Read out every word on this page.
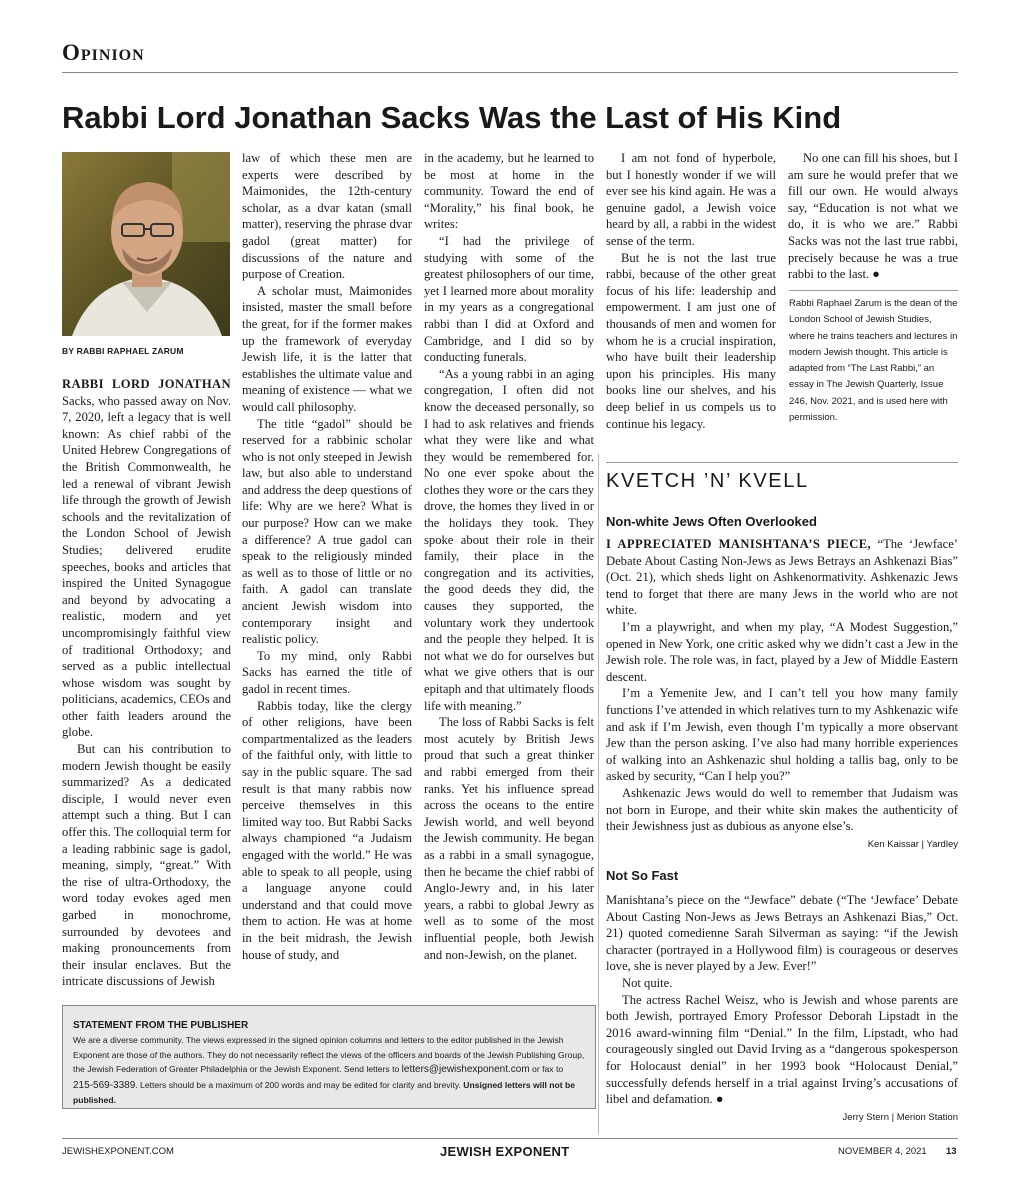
Opinion
Rabbi Lord Jonathan Sacks Was the Last of His Kind
BY RABBI RAPHAEL ZARUM

RABBI LORD JONATHAN Sacks, who passed away on Nov. 7, 2020, left a legacy that is well known: As chief rabbi of the United Hebrew Congregations of the British Commonwealth, he led a renewal of vibrant Jewish life through the growth of Jewish schools and the revitalization of the London School of Jewish Studies; delivered erudite speeches, books and articles that inspired the United Synagogue and beyond by advocating a realistic, modern and yet uncompromisingly faithful view of traditional Orthodoxy; and served as a public intellectual whose wisdom was sought by politicians, academics, CEOs and other faith leaders around the globe.

But can his contribution to modern Jewish thought be easily summarized? As a dedicated disciple, I would never even attempt such a thing. But I can offer this. The colloquial term for a leading rabbinic sage is gadol, meaning, simply, “great.” With the rise of ultra-Orthodoxy, the word today evokes aged men garbed in monochrome, surrounded by devotees and making pronouncements from their insular enclaves. But the intricate discussions of Jewish

law of which these men are experts were described by Maimonides, the 12th-century scholar, as a dvar katan (small matter), reserving the phrase dvar gadol (great matter) for discussions of the nature and purpose of Creation.

A scholar must, Maimonides insisted, master the small before the great, for if the former makes up the framework of everyday Jewish life, it is the latter that establishes the ultimate value and meaning of existence — what we would call philosophy.

The title “gadol” should be reserved for a rabbinic scholar who is not only steeped in Jewish law, but also able to understand and address the deep questions of life: Why are we here? What is our purpose? How can we make a difference? A true gadol can speak to the religiously minded as well as to those of little or no faith. A gadol can translate ancient Jewish wisdom into contemporary insight and realistic policy.

To my mind, only Rabbi Sacks has earned the title of gadol in recent times.

Rabbis today, like the clergy of other religions, have been compartmentalized as the leaders of the faithful only, with little to say in the public square. The sad result is that many rabbis now perceive themselves in this limited way too. But Rabbi Sacks always championed “a Judaism engaged with the world.” He was able to speak to all people, using a language anyone could understand and that could move them to action. He was at home in the beit midrash, the Jewish house of study, and

in the academy, but he learned to be most at home in the community. Toward the end of “Morality,” his final book, he writes:

“I had the privilege of studying with some of the greatest philosophers of our time, yet I learned more about morality in my years as a congregational rabbi than I did at Oxford and Cambridge, and I did so by conducting funerals.

“As a young rabbi in an aging congregation, I often did not know the deceased personally, so I had to ask relatives and friends what they were like and what they would be remembered for. No one ever spoke about the clothes they wore or the cars they drove, the homes they lived in or the holidays they took. They spoke about their role in their family, their place in the congregation and its activities, the good deeds they did, the causes they supported, the voluntary work they undertook and the people they helped. It is not what we do for ourselves but what we give others that is our epitaph and that ultimately floods life with meaning.”

The loss of Rabbi Sacks is felt most acutely by British Jews proud that such a great thinker and rabbi emerged from their ranks. Yet his influence spread across the oceans to the entire Jewish world, and well beyond the Jewish community. He began as a rabbi in a small synagogue, then he became the chief rabbi of Anglo-Jewry and, in his later years, a rabbi to global Jewry as well as to some of the most influential people, both Jewish and non-Jewish, on the planet.

I am not fond of hyperbole, but I honestly wonder if we will ever see his kind again. He was a genuine gadol, a Jewish voice heard by all, a rabbi in the widest sense of the term.

But he is not the last true rabbi, because of the other great focus of his life: leadership and empowerment. I am just one of thousands of men and women for whom he is a crucial inspiration, who have built their leadership upon his principles. His many books line our shelves, and his deep belief in us compels us to continue his legacy.

No one can fill his shoes, but I am sure he would prefer that we fill our own. He would always say, “Education is not what we do, it is who we are.” Rabbi Sacks was not the last true rabbi, precisely because he was a true rabbi to the last. ●

Rabbi Raphael Zarum is the dean of the London School of Jewish Studies, where he trains teachers and lectures in modern Jewish thought. This article is adapted from “The Last Rabbi,” an essay in The Jewish Quarterly, Issue 246, Nov. 2021, and is used here with permission.
KVETCH ’N’ KVELL
Non-white Jews Often Overlooked

I APPRECIATED MANISHTANA’S PIECE, “The ‘Jewface’ Debate About Casting Non-Jews as Jews Betrays an Ashkenazi Bias” (Oct. 21), which sheds light on Ashkenormativity. Ashkenazic Jews tend to forget that there are many Jews in the world who are not white.

I’m a playwright, and when my play, “A Modest Suggestion,” opened in New York, one critic asked why we didn’t cast a Jew in the Jewish role. The role was, in fact, played by a Jew of Middle Eastern descent.

I’m a Yemenite Jew, and I can’t tell you how many family functions I’ve attended in which relatives turn to my Ashkenazic wife and ask if I’m Jewish, even though I’m typically a more observant Jew than the person asking. I’ve also had many horrible experiences of walking into an Ashkenazic shul holding a tallis bag, only to be asked by security, “Can I help you?”

Ashkenazic Jews would do well to remember that Judaism was not born in Europe, and their white skin makes the authenticity of their Jewishness just as dubious as anyone else’s.

Ken Kaissar | Yardley
Not So Fast

Manishtana’s piece on the “Jewface” debate (“The ‘Jewface’ Debate About Casting Non-Jews as Jews Betrays an Ashkenazi Bias,” Oct. 21) quoted comedienne Sarah Silverman as saying: “if the Jewish character (portrayed in a Hollywood film) is courageous or deserves love, she is never played by a Jew. Ever!”

Not quite.

The actress Rachel Weisz, who is Jewish and whose parents are both Jewish, portrayed Emory Professor Deborah Lipstadt in the 2016 award-winning film “Denial.” In the film, Lipstadt, who had courageously singled out David Irving as a “dangerous spokesperson for Holocaust denial” in her 1993 book “Holocaust Denial,” successfully defends herself in a trial against Irving’s accusations of libel and defamation. ●

Jerry Stern | Merion Station
STATEMENT FROM THE PUBLISHER
We are a diverse community. The views expressed in the signed opinion columns and letters to the editor published in the Jewish Exponent are those of the authors. They do not necessarily reflect the views of the officers and boards of the Jewish Publishing Group, the Jewish Federation of Greater Philadelphia or the Jewish Exponent. Send letters to letters@jewishexponent.com or fax to 215-569-3389. Letters should be a maximum of 200 words and may be edited for clarity and brevity. Unsigned letters will not be published.
JEWISHEXPONENT.COM	JEWISH EXPONENT	NOVEMBER 4, 2021 13
